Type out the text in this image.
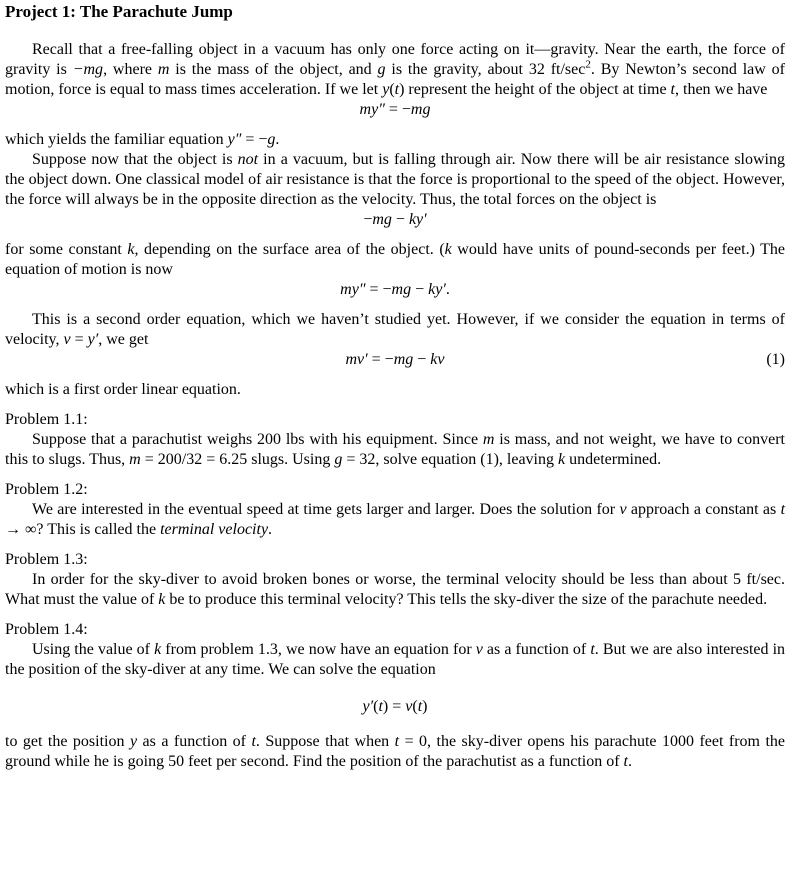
Project 1: The Parachute Jump
Recall that a free-falling object in a vacuum has only one force acting on it—gravity. Near the earth, the force of gravity is −mg, where m is the mass of the object, and g is the gravity, about 32 $ft/\sec^2$. By Newton’s second law of motion, force is equal to mass times acceleration. If we let y(t) represent the height of the object at time t, then we have
my″ = −mg
which yields the familiar equation y″ = −g.
Suppose now that the object is not in a vacuum, but is falling through air. Now there will be air resistance slowing the object down. One classical model of air resistance is that the force is proportional to the speed of the object. However, the force will always be in the opposite direction as the velocity. Thus, the total forces on the object is
−mg − ky′
for some constant k, depending on the surface area of the object. (k would have units of pound-seconds per feet.) The equation of motion is now
my″ = −mg − ky′.
This is a second order equation, which we haven’t studied yet. However, if we consider the equation in terms of velocity, v = y′, we get
mv′ = −mg − kv	(1)
which is a first order linear equation.
Problem 1.1:
Suppose that a parachutist weighs 200 lbs with his equipment. Since m is mass, and not weight, we have to convert this to slugs. Thus, m = 200/32 = 6.25 slugs. Using g = 32, solve equation (1), leaving k undetermined.
Problem 1.2:
We are interested in the eventual speed at time gets larger and larger. Does the solution for v approach a constant as t → ∞? This is called the terminal velocity.
Problem 1.3:
In order for the sky-diver to avoid broken bones or worse, the terminal velocity should be less than about 5 ft/sec. What must the value of k be to produce this terminal velocity? This tells the sky-diver the size of the parachute needed.
Problem 1.4:
Using the value of k from problem 1.3, we now have an equation for v as a function of t. But we are also interested in the position of the sky-diver at any time. We can solve the equation
y′(t) = v(t)
to get the position y as a function of t. Suppose that when t = 0, the sky-diver opens his parachute 1000 feet from the ground while he is going 50 feet per second. Find the position of the parachutist as a function of t.
